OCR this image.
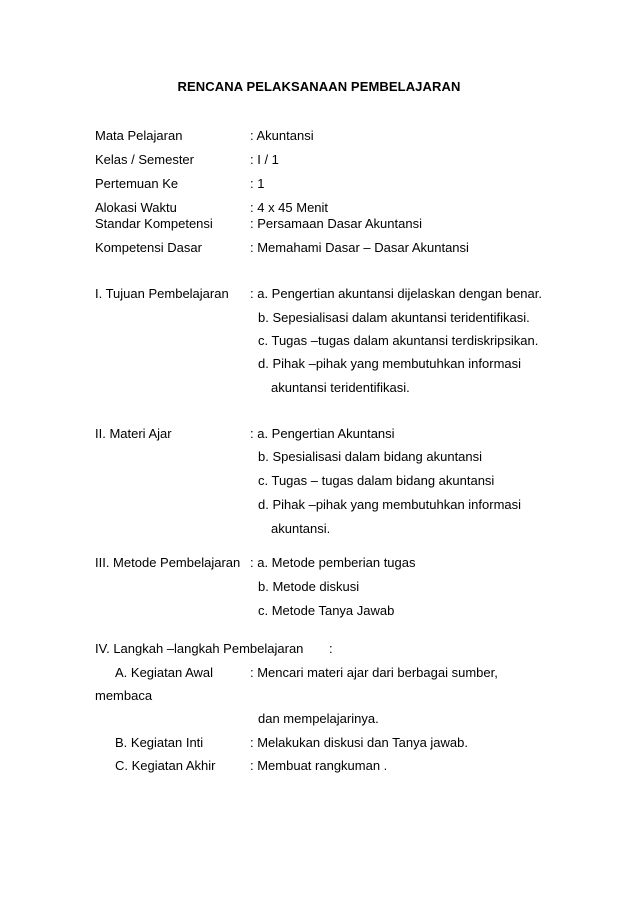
RENCANA PELAKSANAAN PEMBELAJARAN
Mata Pelajaran	: Akuntansi
Kelas / Semester	: I / 1
Pertemuan Ke	: 1
Alokasi Waktu	: 4 x 45 Menit
Standar Kompetensi	: Persamaan Dasar Akuntansi
Kompetensi Dasar	: Memahami Dasar – Dasar Akuntansi
I. Tujuan Pembelajaran : a. Pengertian akuntansi dijelaskan dengan benar.
b. Sepesialisasi dalam akuntansi teridentifikasi.
c. Tugas –tugas dalam akuntansi terdiskripsikan.
d. Pihak –pihak yang membutuhkan informasi
akuntansi teridentifikasi.
II. Materi Ajar	: a. Pengertian Akuntansi
b. Spesialisasi dalam bidang akuntansi
c. Tugas – tugas dalam bidang akuntansi
d. Pihak –pihak yang membutuhkan informasi
akuntansi.
III. Metode Pembelajaran : a. Metode pemberian tugas
b. Metode diskusi
c. Metode Tanya Jawab
IV. Langkah –langkah Pembelajaran :
A. Kegiatan Awal	: Mencari materi ajar dari berbagai sumber,
membaca
dan mempelajarinya.
B. Kegiatan Inti	: Melakukan diskusi dan Tanya jawab.
C. Kegiatan Akhir	: Membuat rangkuman .
